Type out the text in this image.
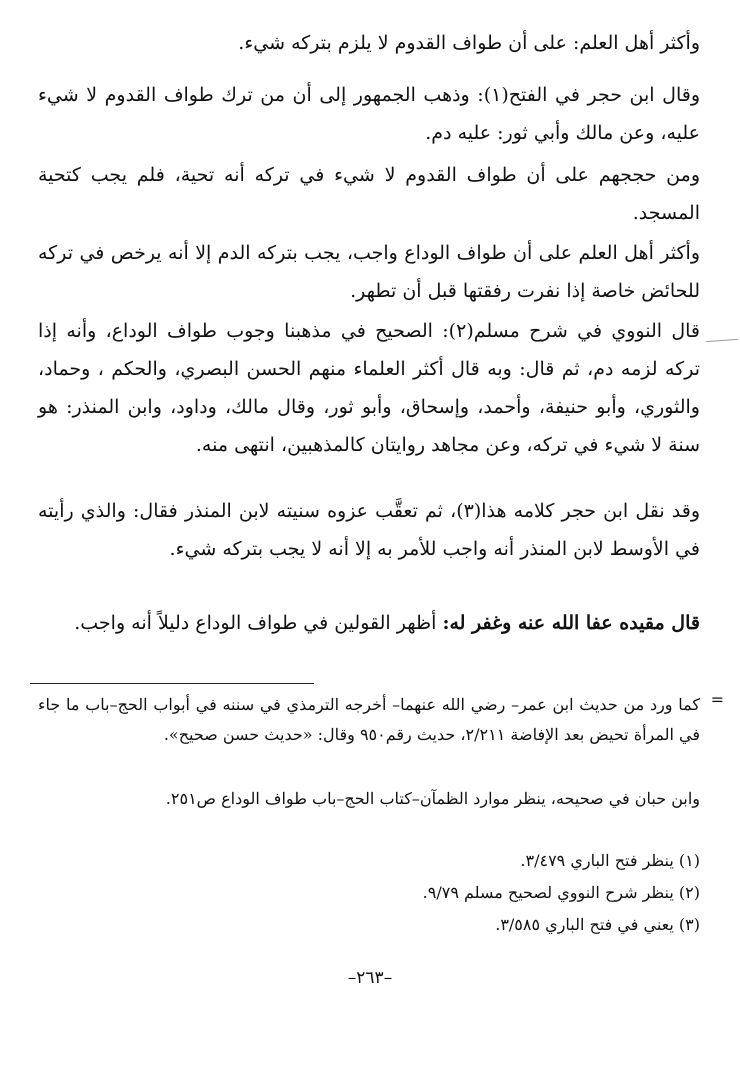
وأكثر أهل العلم: على أن طواف القدوم لا يلزم بتركه شيء.

وقال ابن حجر في الفتح(١): وذهب الجمهور إلى أن من ترك طواف القدوم لا شيء عليه، وعن مالك وأبي ثور: عليه دم.

ومن حججهم على أن طواف القدوم لا شيء في تركه أنه تحية، فلم يجب كتحية المسجد.

وأكثر أهل العلم على أن طواف الوداع واجب، يجب بتركه الدم إلا أنه يرخص في تركه للحائض خاصة إذا نفرت رفقتها قبل أن تطهر.

قال النووي في شرح مسلم(٢): الصحيح في مذهبنا وجوب طواف الوداع، وأنه إذا تركه لزمه دم، ثم قال: وبه قال أكثر العلماء منهم الحسن البصري، والحكم ، وحماد، والثوري، وأبو حنيفة، وأحمد، وإسحاق، وأبو ثور، وقال مالك، وداود، وابن المنذر: هو سنة لا شيء في تركه، وعن مجاهد روايتان كالمذهبين، انتهى منه.

وقد نقل ابن حجر كلامه هذا(٣)، ثم تعقَّب عزوه سنيته لابن المنذر فقال: والذي رأيته في الأوسط لابن المنذر أنه واجب للأمر به إلا أنه لا يجب بتركه شيء.

قال مقيده عفا الله عنه وغفر له: أظهر القولين في طواف الوداع دليلاً أنه واجب.

=

كما ورد من حديث ابن عمر– رضي الله عنهما– أخرجه الترمذي في سننه في أبواب الحج–باب ما جاء في المرأة تحيض بعد الإفاضة ٢/٢١١، حديث رقم٩٥٠ وقال: «حديث حسن صحيح».

وابن حبان في صحيحه، ينظر موارد الظمآن–كتاب الحج–باب طواف الوداع ص٢٥١.

(١) ينظر فتح الباري ٣/٤٧٩.

(٢) ينظر شرح النووي لصحيح مسلم ٩/٧٩.

(٣) يعني في فتح الباري ٣/٥٨٥.

–٢٦٣–
